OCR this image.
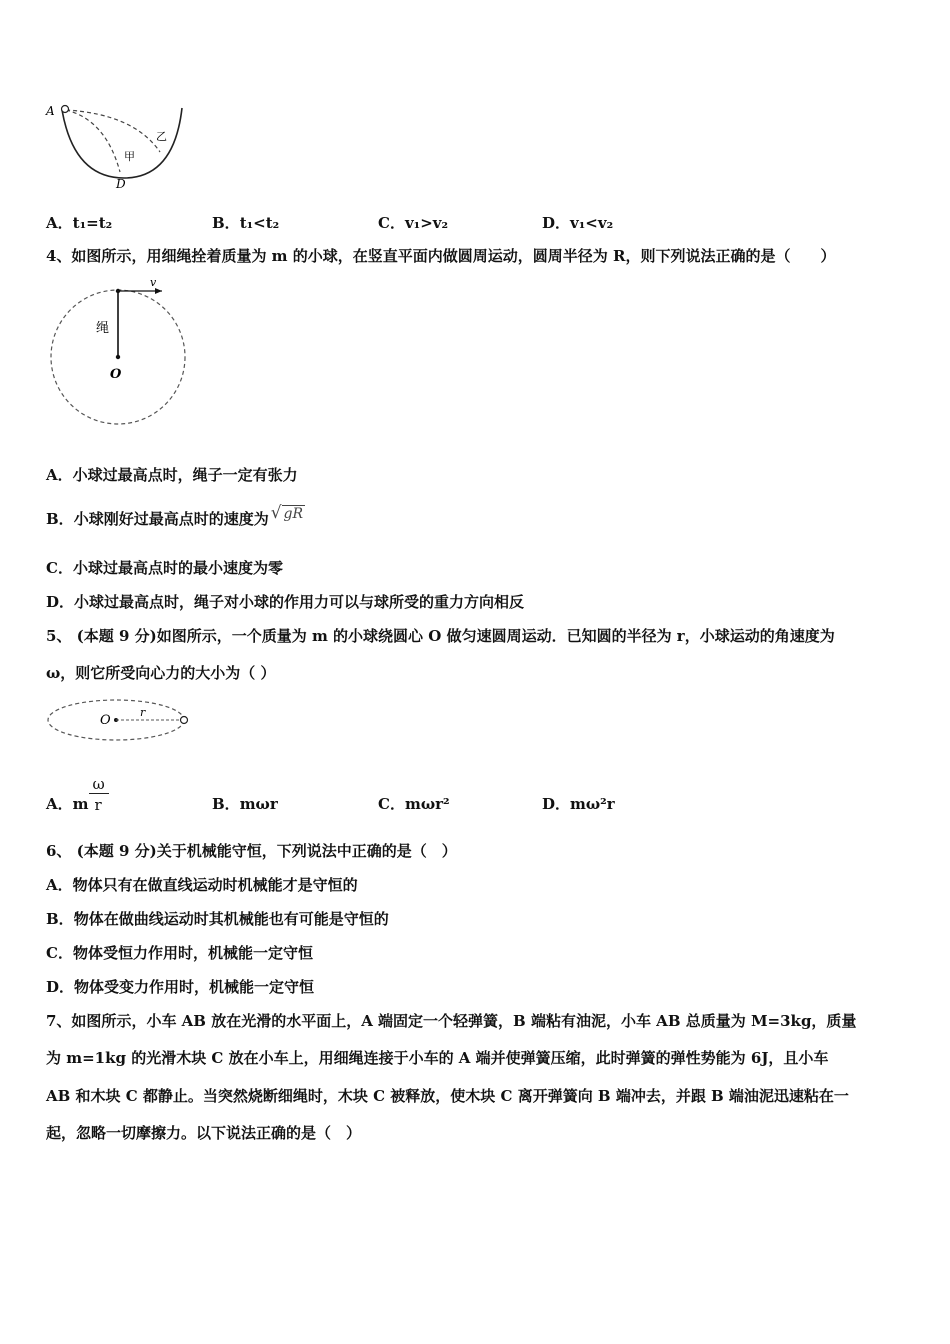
A
D
甲
乙
A．t₁=t₂	B．t₁<t₂	C．v₁>v₂	D．v₁<v₂
4、如图所示，用细绳拴着质量为 m 的小球，在竖直平面内做圆周运动，圆周半径为 R，则下列说法正确的是（　　）
v
绳
O
A．小球过最高点时，绳子一定有张力
B．小球刚好过最高点时的速度为 √ gR
C．小球过最高点时的最小速度为零
D．小球过最高点时，绳子对小球的作用力可以与球所受的重力方向相反
5、 (本题 9 分)如图所示，一个质量为 m 的小球绕圆心 O 做匀速圆周运动．已知圆的半径为 r，小球运动的角速度为
ω，则它所受向心力的大小为（ ）
O
r
A．m $\frac{\omega}{r}$	B．mωr	C．mωr²	D．mω²r
6、 (本题 9 分)关于机械能守恒，下列说法中正确的是（　）
A．物体只有在做直线运动时机械能才是守恒的
B．物体在做曲线运动时其机械能也有可能是守恒的
C．物体受恒力作用时，机械能一定守恒
D．物体受变力作用时，机械能一定守恒
7、如图所示，小车 AB 放在光滑的水平面上，A 端固定一个轻弹簧，B 端粘有油泥，小车 AB 总质量为 M=3kg，质量
为 m=1kg 的光滑木块 C 放在小车上，用细绳连接于小车的 A 端并使弹簧压缩，此时弹簧的弹性势能为 6J，且小车
AB 和木块 C 都静止。当突然烧断细绳时，木块 C 被释放，使木块 C 离开弹簧向 B 端冲去，并跟 B 端油泥迅速粘在一
起，忽略一切摩擦力。以下说法正确的是（　）
